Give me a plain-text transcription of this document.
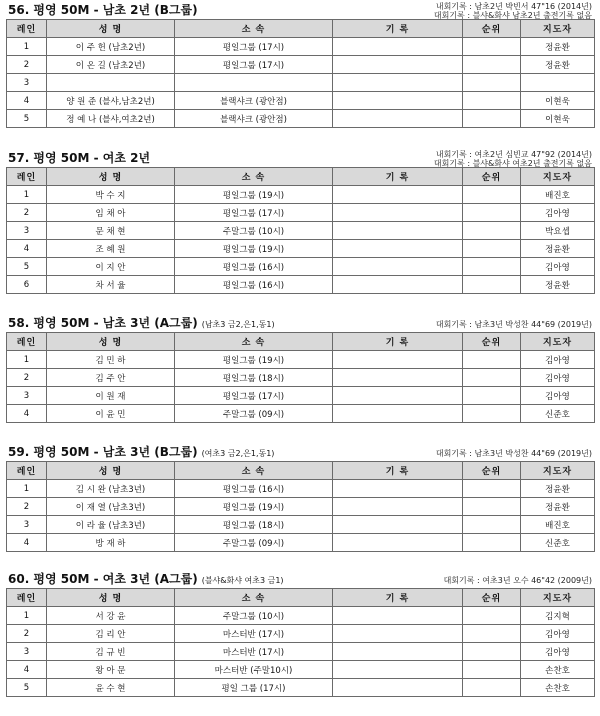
56. 평영 50M - 남초 2년 (B그룹)	내회기록 : 남초2년 박빈서 47"16 (2014년)
대회기록 : 블샤&화샤 남초2년 출전기록 없음
레인	성 명	소 속	기 록	순위	지도자
1	이 주 헌 (남초2년)	평일그룹 (17시)			정윤환
2	이 온 길 (남초2년)	평일그룹 (17시)			정윤환
3					
4	양 원 준 (블샤,남초2년)	블랙샤크 (광안점)			이현욱
5	정 예 나 (블샤,여초2년)	블랙샤크 (광안점)			이현욱
57. 평영 50M - 여초 2년	내회기록 : 여초2년 심빈교 47"92 (2014년)
대회기록 : 블샤&화샤 여초2년 출전기록 없음
레인	성 명	소 속	기 록	순위	지도자
1	박 수 지	평일그룹 (19시)			배진호
2	임 채 아	평일그룹 (17시)			김아영
3	문 채 현	주말그룹 (10시)			박요셉
4	조 혜 원	평일그룹 (19시)			정윤환
5	이 지 안	평일그룹 (16시)			김아영
6	차 서 율	평일그룹 (16시)			정윤환
58. 평영 50M - 남초 3년 (A그룹) (남초3 금2,은1,동1)	대회기록 : 남초3년 박성찬 44"69 (2019년)
레인	성 명	소 속	기 록	순위	지도자
1	김 민 하	평일그룹 (19시)			김아영
2	김 주 안	평일그룹 (18시)			김아영
3	이 원 재	평일그룹 (17시)			김아영
4	이 윤 민	주말그룹 (09시)			신준호
59. 평영 50M - 남초 3년 (B그룹) (여초3 금2,은1,동1)	대회기록 : 남초3년 박성찬 44"69 (2019년)
레인	성 명	소 속	기 록	순위	지도자
1	김 시 완 (남초3년)	평일그룹 (16시)			정윤환
2	이 재 열 (남초3년)	평일그룹 (19시)			정윤환
3	이 라 율 (남초3년)	평일그룹 (18시)			배진호
4	방 재 하	주말그룹 (09시)			신준호
60. 평영 50M - 여초 3년 (A그룹) (블샤&화샤 여초3 금1)	대회기록 : 여초3년 오수 46"42 (2009년)
레인	성 명	소 속	기 록	순위	지도자
1	서 강 윤	주말그룹 (10시)			김지혁
2	김 리 안	마스터반 (17시)			김아영
3	김 규 빈	마스터반 (17시)			김아영
4	왕 아 문	마스터반 (주말10시)			손찬호
5	윤 수 현	평일 그룹 (17시)			손찬호
